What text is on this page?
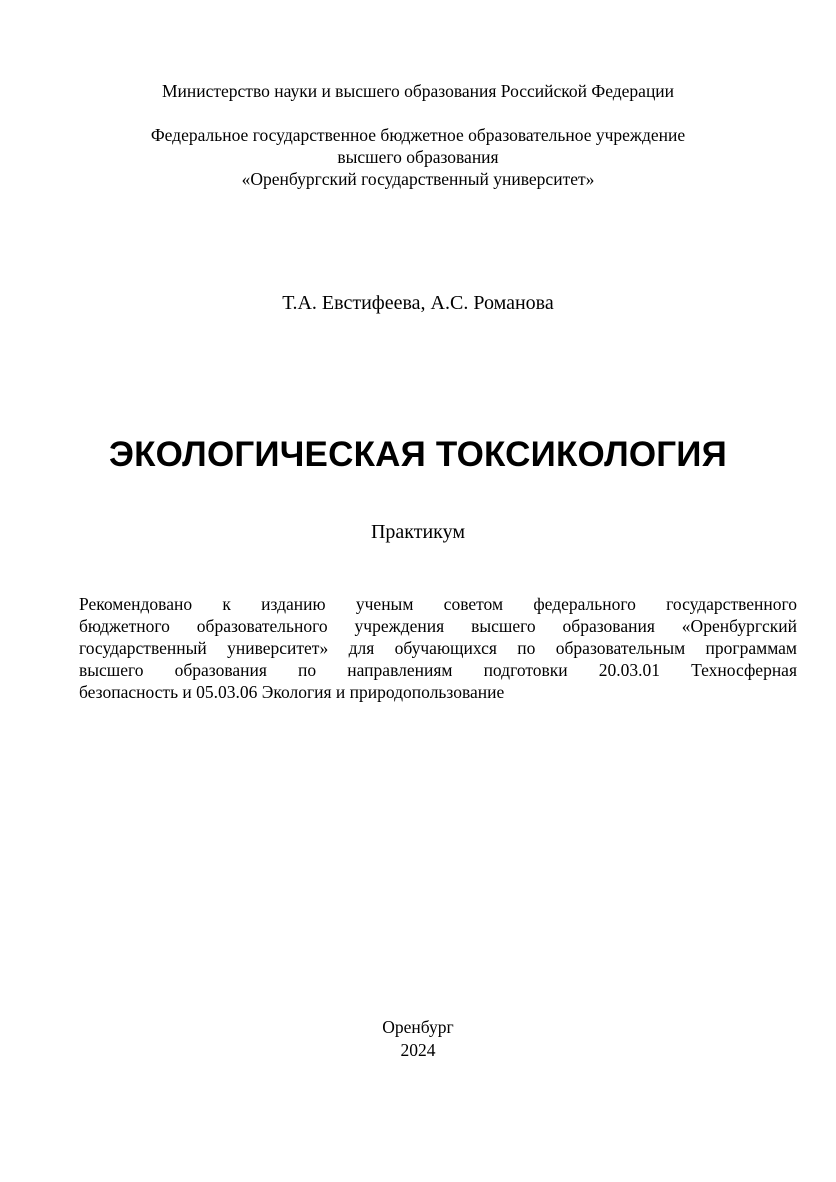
Министерство науки и высшего образования Российской Федерации
Федеральное государственное бюджетное образовательное учреждение
высшего образования
«Оренбургский государственный университет»
Т.А. Евстифеева, А.С. Романова
ЭКОЛОГИЧЕСКАЯ ТОКСИКОЛОГИЯ
Практикум
Рекомендовано к изданию ученым советом федерального государственного
бюджетного образовательного учреждения высшего образования «Оренбургский
государственный университет» для обучающихся по образовательным программам
высшего образования по направлениям подготовки 20.03.01 Техносферная
безопасность и 05.03.06 Экология и природопользование
Оренбург
2024
